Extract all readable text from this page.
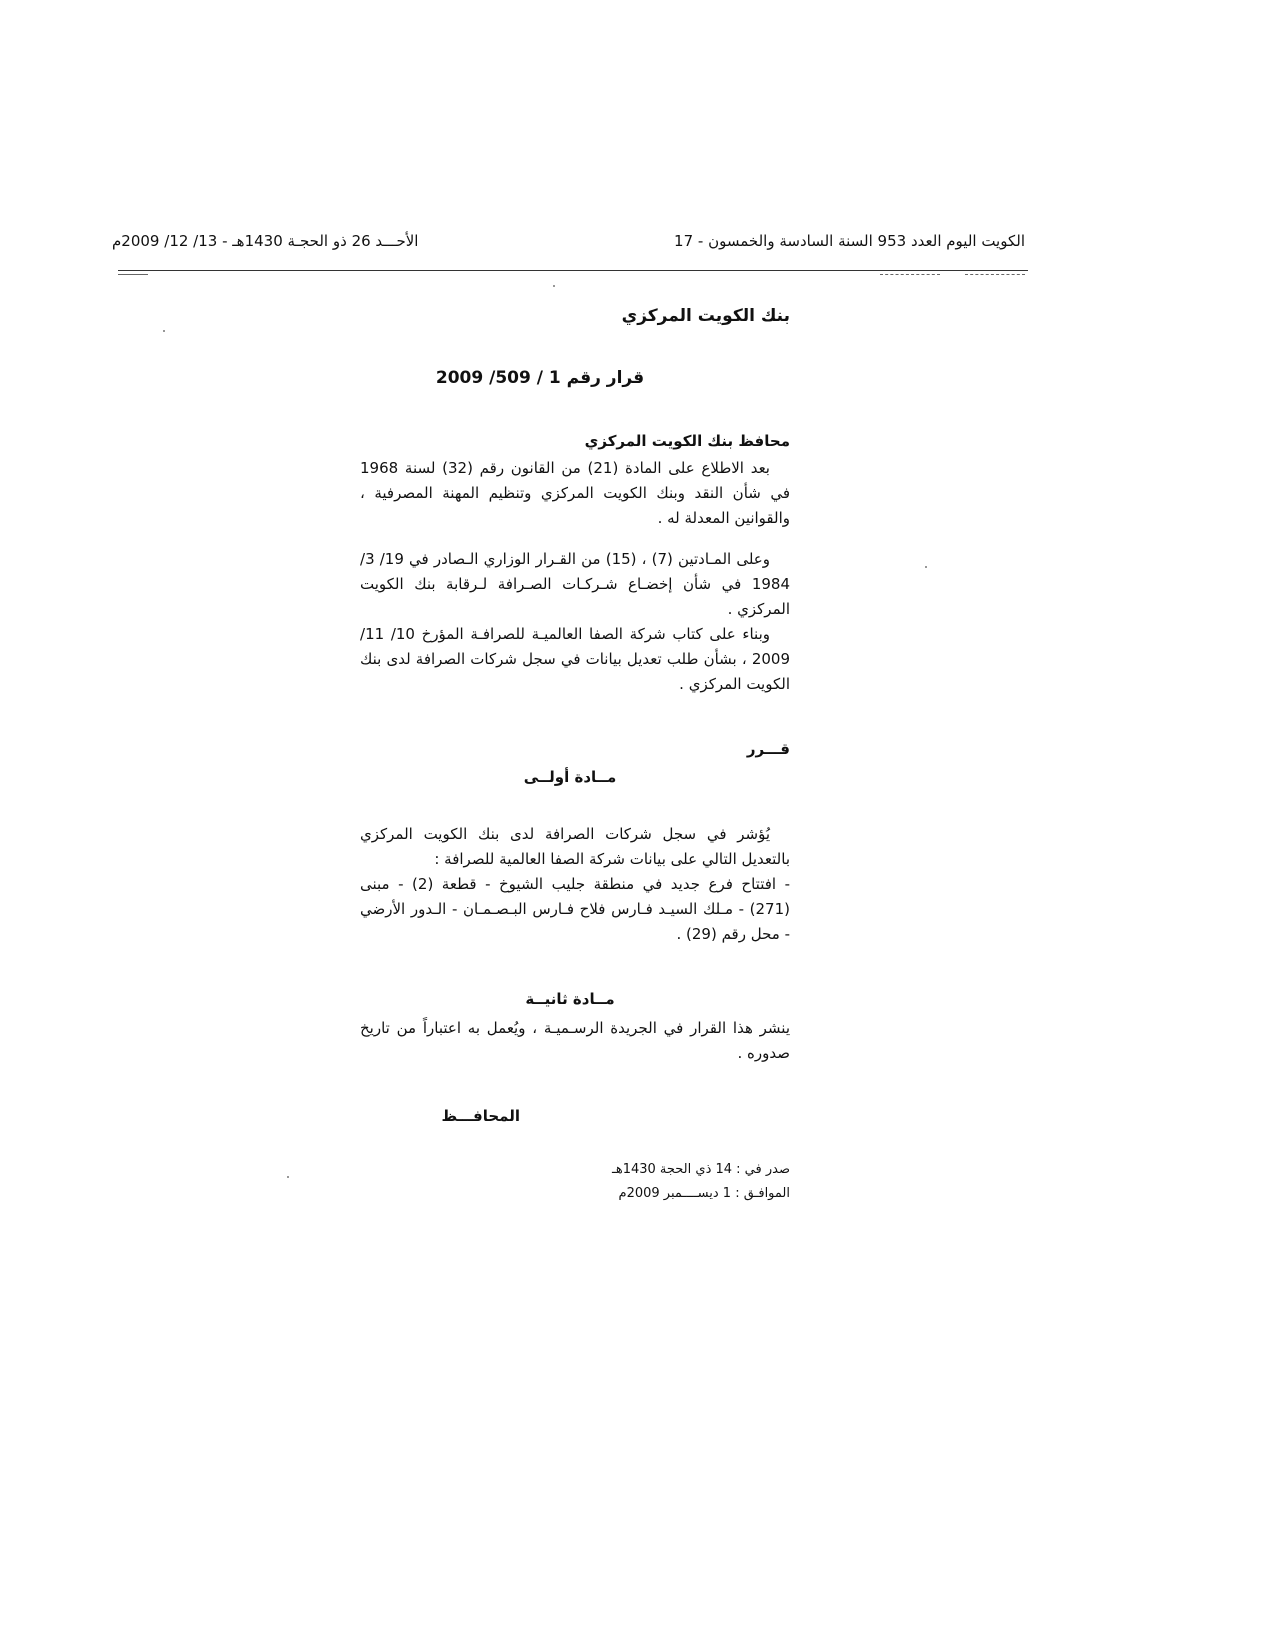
الكويت اليوم العدد 953 السنة السادسة والخمسون - 17
الأحـــد 26 ذو الحجـة 1430هـ - 13/ 12/ 2009م
بنك الكويت المركزي
قرار رقم 1 / 509/ 2009
محافظ بنك الكويت المركزي

بعد الاطلاع على المادة (21) من القانون رقم (32) لسنة 1968 في شأن النقد وبنك الكويت المركزي وتنظيم المهنة المصرفية ، والقوانين المعدلة له .

وعلى المـادتين (7) ، (15) من القـرار الوزاري الـصادر في 19/ 3/ 1984 في شأن إخضـاع شـركـات الصـرافة لـرقابة بنك الكويت المركزي .

وبناء على كتاب شركة الصفا العالميـة للصرافـة المؤرخ 10/ 11/ 2009 ، بشأن طلب تعديل بيانات في سجل شركات الصرافة لدى بنك الكويت المركزي .

قـــرر
مــادة أولــى

يُؤشر في سجل شركات الصرافة لدى بنك الكويت المركزي بالتعديل التالي على بيانات شركة الصفا العالمية للصرافة :

- افتتاح فرع جديد في منطقة جليب الشيوخ - قطعة (2) - مبنى (271) - مـلك السيـد فـارس فلاح فـارس البـصـمـان - الـدور الأرضي - محل رقم (29) .

مــادة ثانيــة

ينشر هذا القرار في الجريدة الرسـميـة ، ويُعمل به اعتباراً من تاريخ صدوره .

المحافـــظ
صدر في : 14 ذي الحجة 1430هـ
الموافـق : 1 ديســــمبر 2009م
